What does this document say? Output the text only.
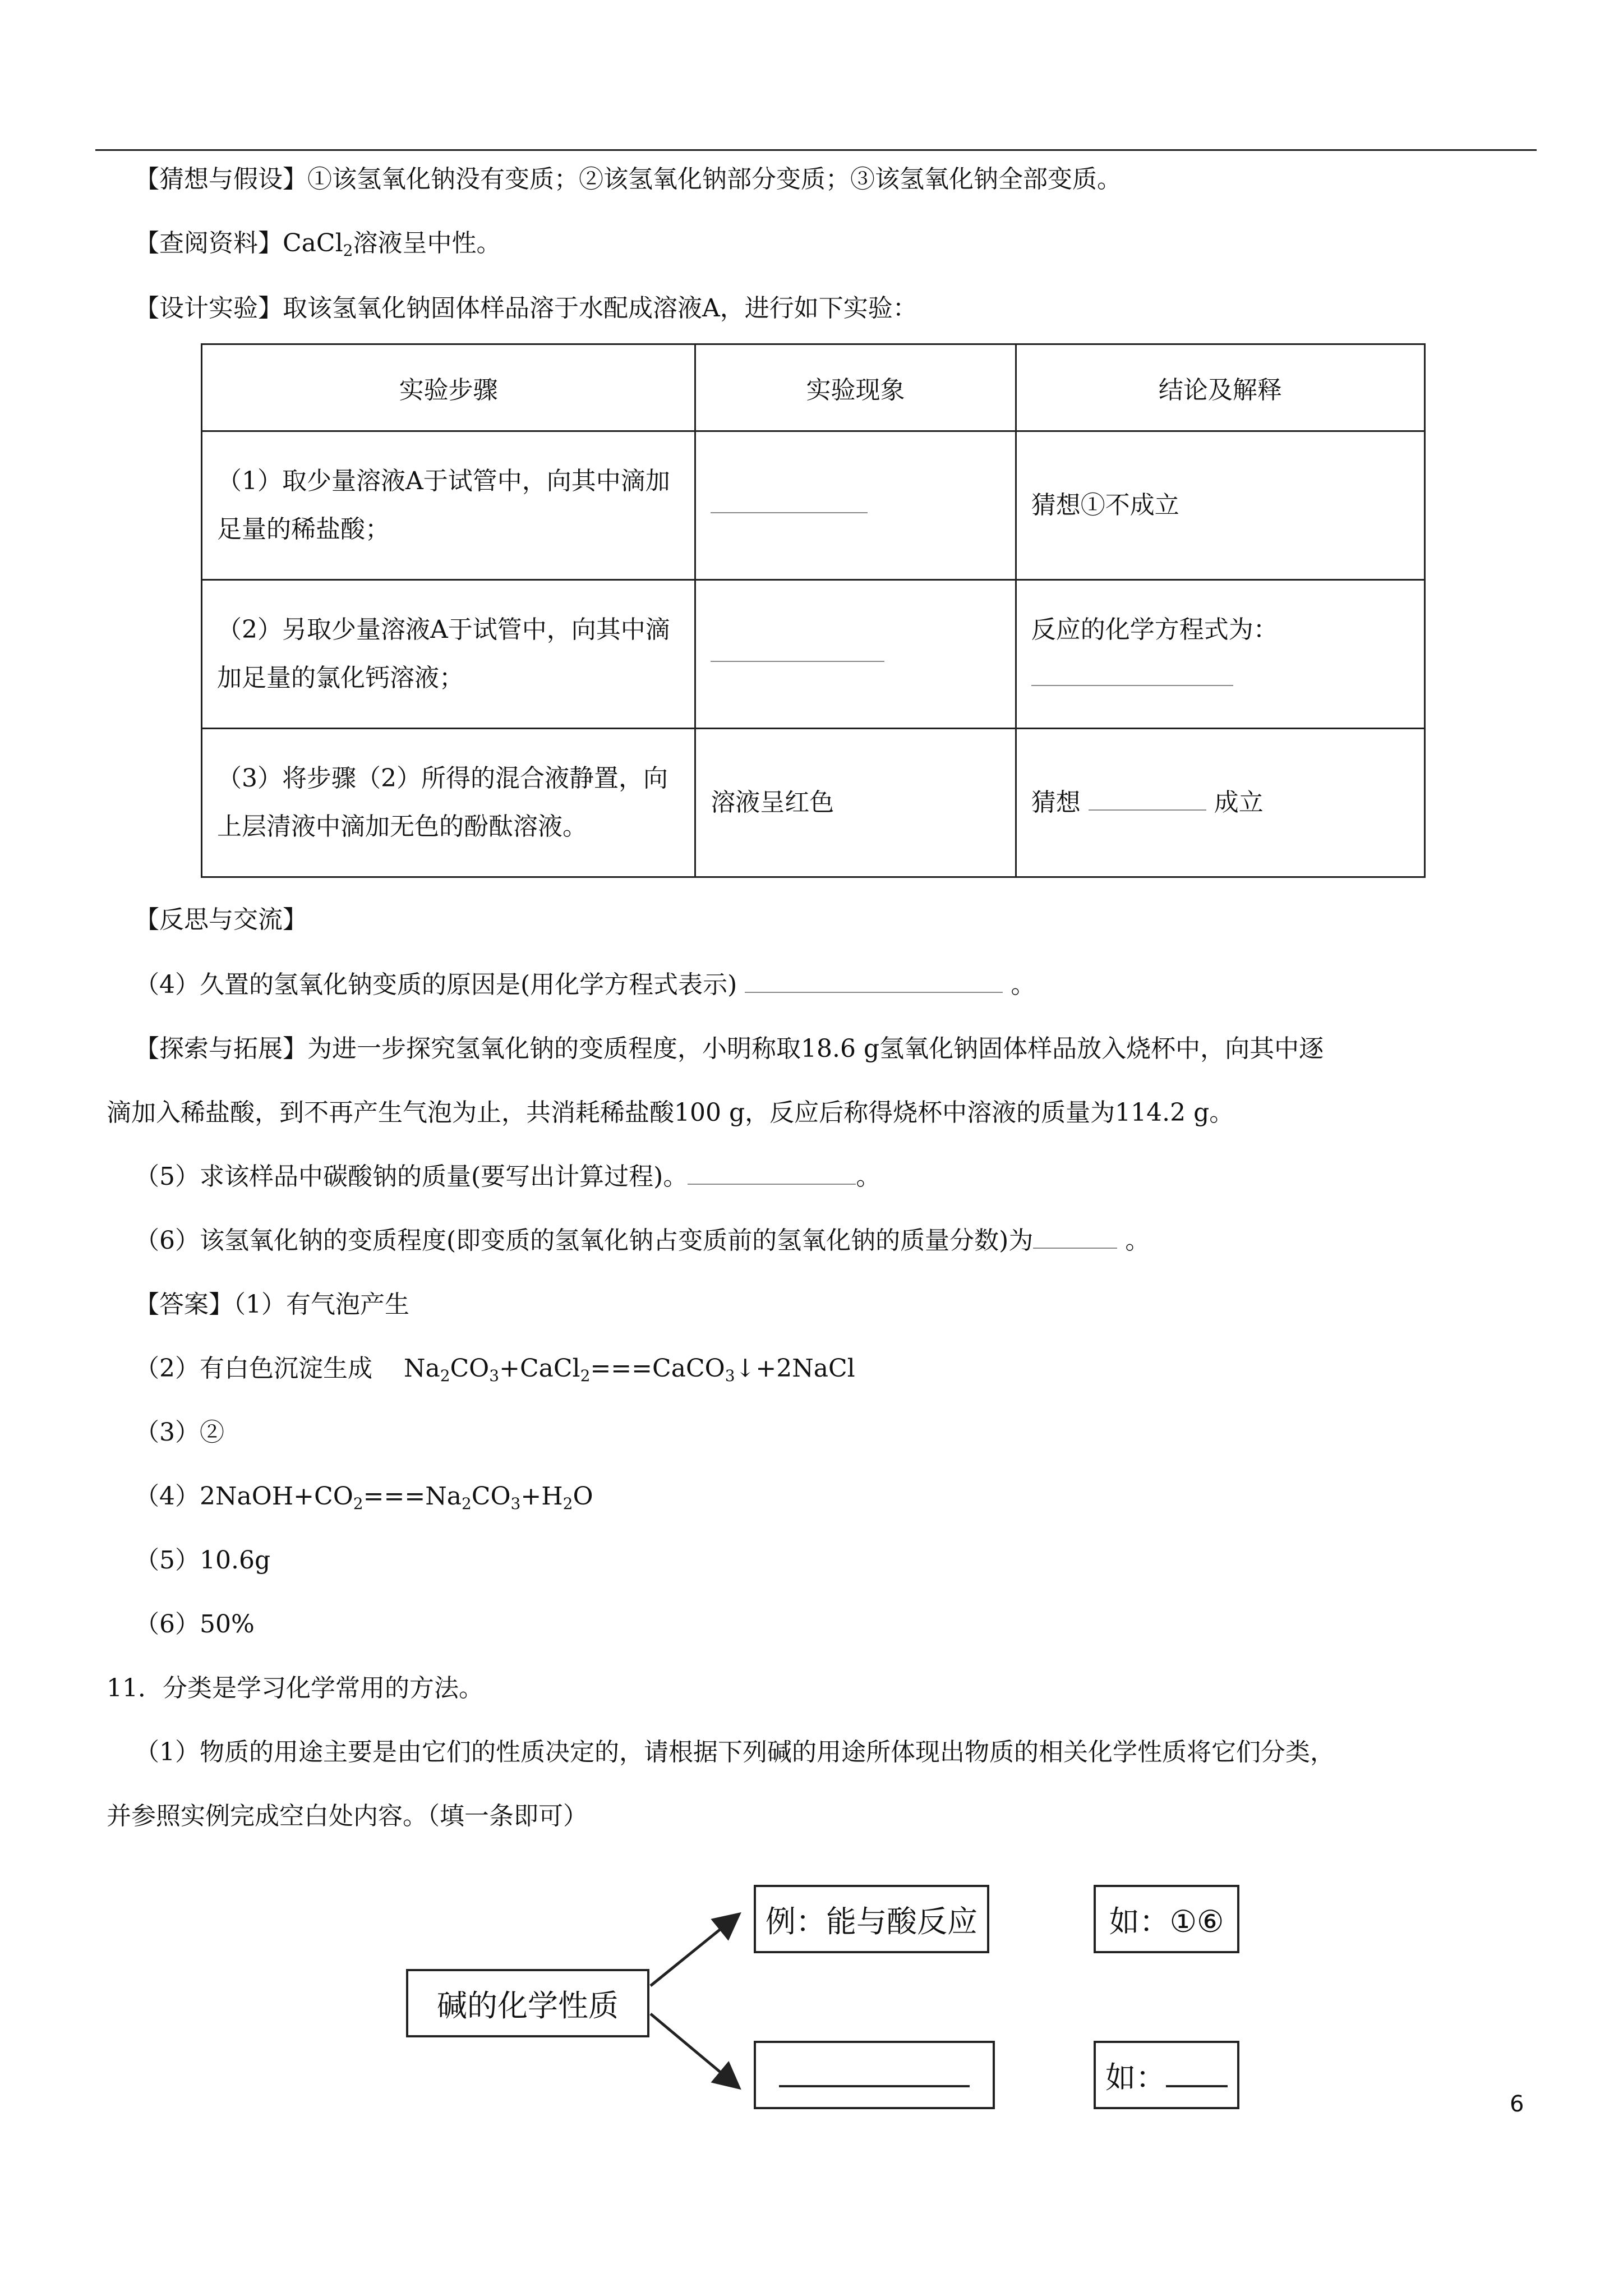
【猜想与假设】①该氢氧化钠没有变质；②该氢氧化钠部分变质；③该氢氧化钠全部变质。
【查阅资料】CaCl$_2$溶液呈中性。
【设计实验】取该氢氧化钠固体样品溶于水配成溶液A，进行如下实验：
实验步骤	实验现象	结论及解释
（1）取少量溶液A于试管中，向其中滴加足量的稀盐酸；		猜想①不成立
（2）另取少量溶液A于试管中，向其中滴加足量的氯化钙溶液；		反应的化学方程式为：

（3）将步骤（2）所得的混合液静置，向上层清液中滴加无色的酚酞溶液。	溶液呈红色	猜想 成立
【反思与交流】
（4）久置的氢氧化钠变质的原因是(用化学方程式表示)	。
【探索与拓展】为进一步探究氢氧化钠的变质程度，小明称取18.6 g氢氧化钠固体样品放入烧杯中，向其中逐
滴加入稀盐酸，到不再产生气泡为止，共消耗稀盐酸100 g，反应后称得烧杯中溶液的质量为114.2 g。
（5）求该样品中碳酸钠的质量(要写出计算过程)。	。
（6）该氢氧化钠的变质程度(即变质的氢氧化钠占变质前的氢氧化钠的质量分数)为	。
【答案】（1）有气泡产生
（2）有白色沉淀生成 $Na_2CO_3+CaCl_2===CaCO_3↓+2NaCl$
（3）②
$(4)2NaOH+CO_2===Na_2CO_3+H_2O$
（5）10.6g
（6）50%
11．分类是学习化学常用的方法。
（1）物质的用途主要是由它们的性质决定的，请根据下列碱的用途所体现出物质的相关化学性质将它们分类，
并参照实例完成空白处内容。（填一条即可）
碱的化学性质
例：能与酸反应	如：①⑥
如：
6
